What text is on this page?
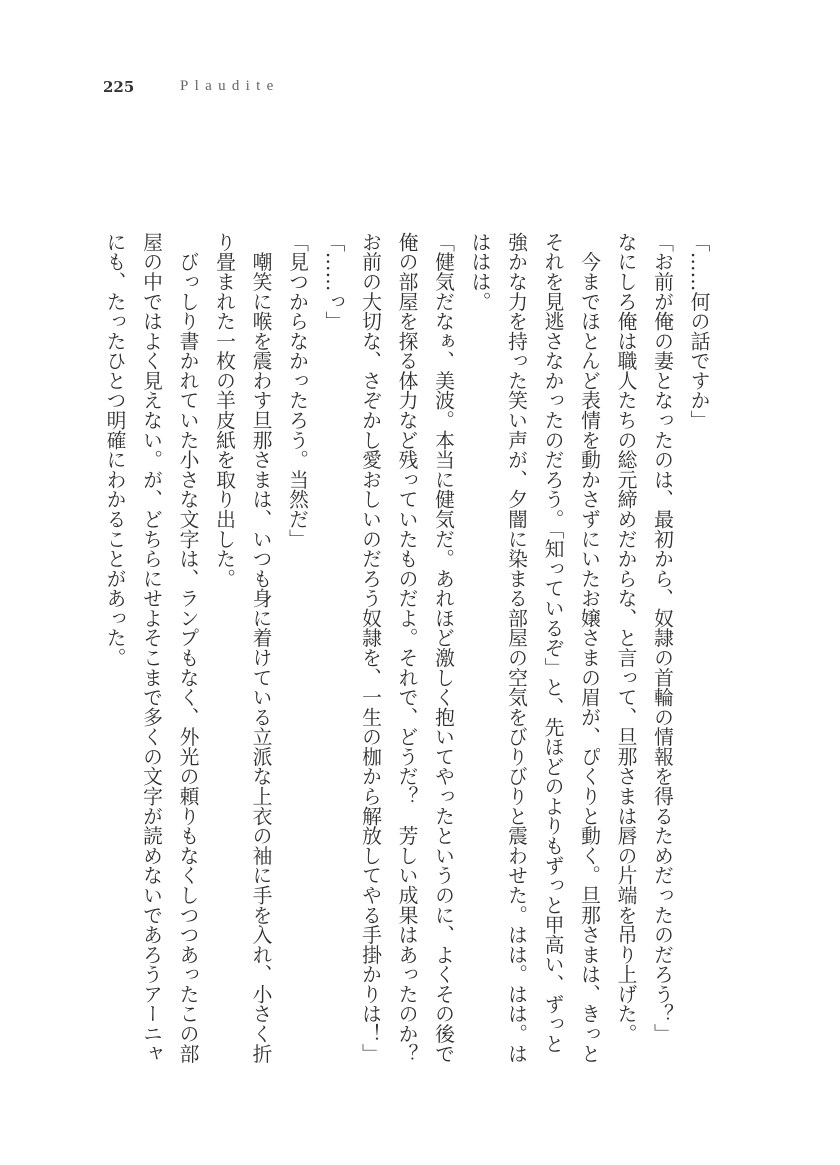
225	Plaudite
「……何の話ですか」
「お前が俺の妻となったのは、最初から、奴隷の首輪の情報を得るためだったのだろう？」
なにしろ俺は職人たちの総元締めだからな、と言って、旦那さまは唇の片端を吊り上げた。
　今までほとんど表情を動かさずにいたお嬢さまの眉が、ぴくりと動く。旦那さまは、きっと
それを見逃さなかったのだろう。「知っているぞ」と、先ほどのよりもずっと甲高い、ずっと
強かな力を持った笑い声が、夕闇に染まる部屋の空気をびりびりと震わせた。はは。はは。は
ははは。
「健気だなぁ、美波。本当に健気だ。あれほど激しく抱いてやったというのに、よくその後で
俺の部屋を探る体力など残っていたものだよ。それで、どうだ？　芳しい成果はあったのか？
お前の大切な、さぞかし愛おしいのだろう奴隷を、一生の枷から解放してやる手掛かりは！」
「……っ」
「見つからなかったろう。当然だ」
　嘲笑に喉を震わす旦那さまは、いつも身に着けている立派な上衣の袖に手を入れ、小さく折
り畳まれた一枚の羊皮紙を取り出した。
　びっしり書かれていた小さな文字は、ランプもなく、外光の頼りもなくしつつあったこの部
屋の中ではよく見えない。が、どちらにせよそこまで多くの文字が読めないであろうアーニャ
にも、たったひとつ明確にわかることがあった。
